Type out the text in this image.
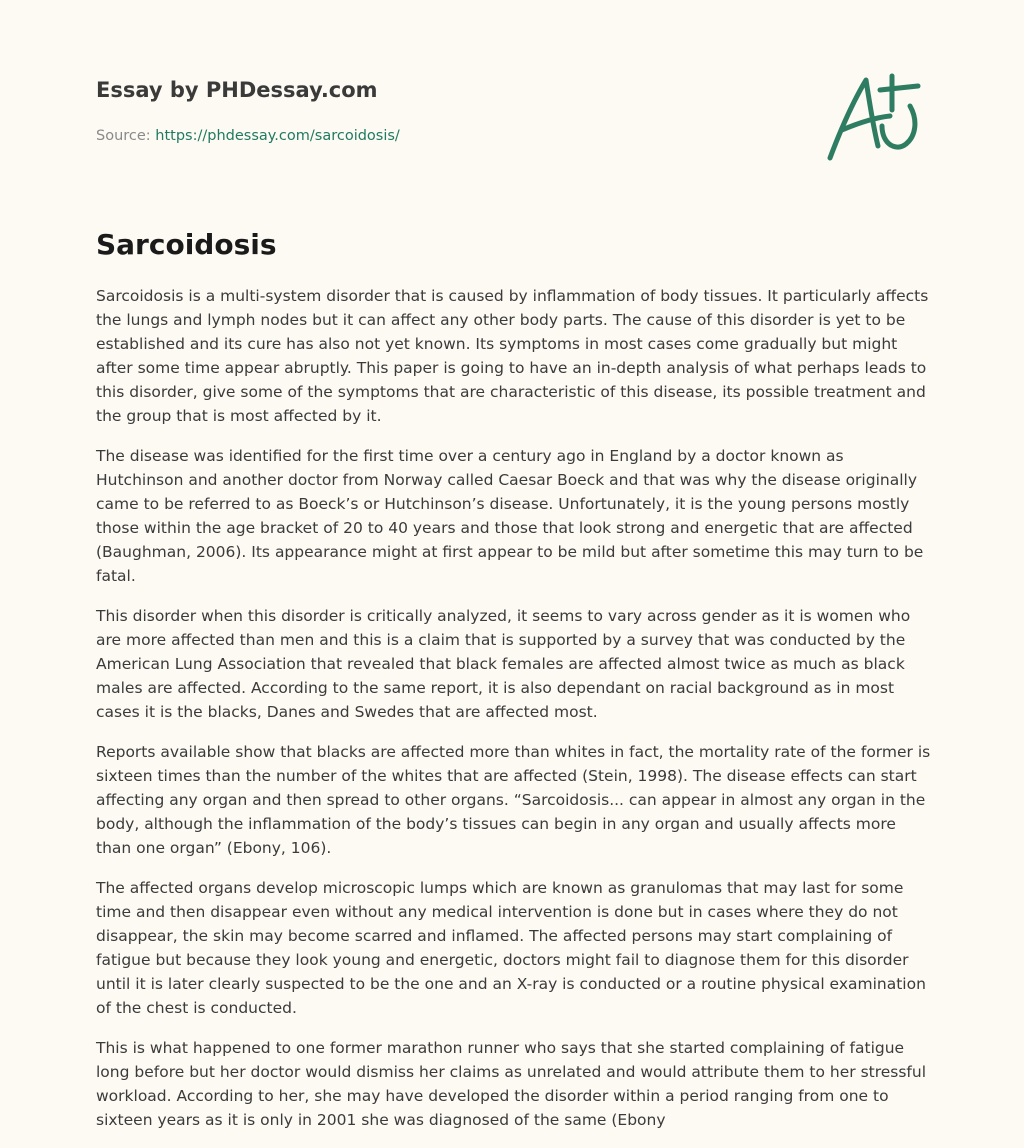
Essay by PHDessay.com
Source: https://phdessay.com/sarcoidosis/
Sarcoidosis

Sarcoidosis is a multi-system disorder that is caused by inflammation of body tissues. It particularly affects the lungs and lymph nodes but it can affect any other body parts. The cause of this disorder is yet to be established and its cure has also not yet known. Its symptoms in most cases come gradually but might after some time appear abruptly. This paper is going to have an in-depth analysis of what perhaps leads to this disorder, give some of the symptoms that are characteristic of this disease, its possible treatment and the group that is most affected by it.

The disease was identified for the first time over a century ago in England by a doctor known as Hutchinson and another doctor from Norway called Caesar Boeck and that was why the disease originally came to be referred to as Boeck’s or Hutchinson’s disease. Unfortunately, it is the young persons mostly those within the age bracket of 20 to 40 years and those that look strong and energetic that are affected (Baughman, 2006). Its appearance might at first appear to be mild but after sometime this may turn to be fatal.

This disorder when this disorder is critically analyzed, it seems to vary across gender as it is women who are more affected than men and this is a claim that is supported by a survey that was conducted by the American Lung Association that revealed that black females are affected almost twice as much as black males are affected. According to the same report, it is also dependant on racial background as in most cases it is the blacks, Danes and Swedes that are affected most.

Reports available show that blacks are affected more than whites in fact, the mortality rate of the former is sixteen times than the number of the whites that are affected (Stein, 1998). The disease effects can start affecting any organ and then spread to other organs. “Sarcoidosis... can appear in almost any organ in the body, although the inflammation of the body’s tissues can begin in any organ and usually affects more than one organ” (Ebony, 106).

The affected organs develop microscopic lumps which are known as granulomas that may last for some time and then disappear even without any medical intervention is done but in cases where they do not disappear, the skin may become scarred and inflamed. The affected persons may start complaining of fatigue but because they look young and energetic, doctors might fail to diagnose them for this disorder until it is later clearly suspected to be the one and an X-ray is conducted or a routine physical examination of the chest is conducted.

This is what happened to one former marathon runner who says that she started complaining of fatigue long before but her doctor would dismiss her claims as unrelated and would attribute them to her stressful workload. According to her, she may have developed the disorder within a period ranging from one to sixteen years as it is only in 2001 she was diagnosed of the same (Ebony
